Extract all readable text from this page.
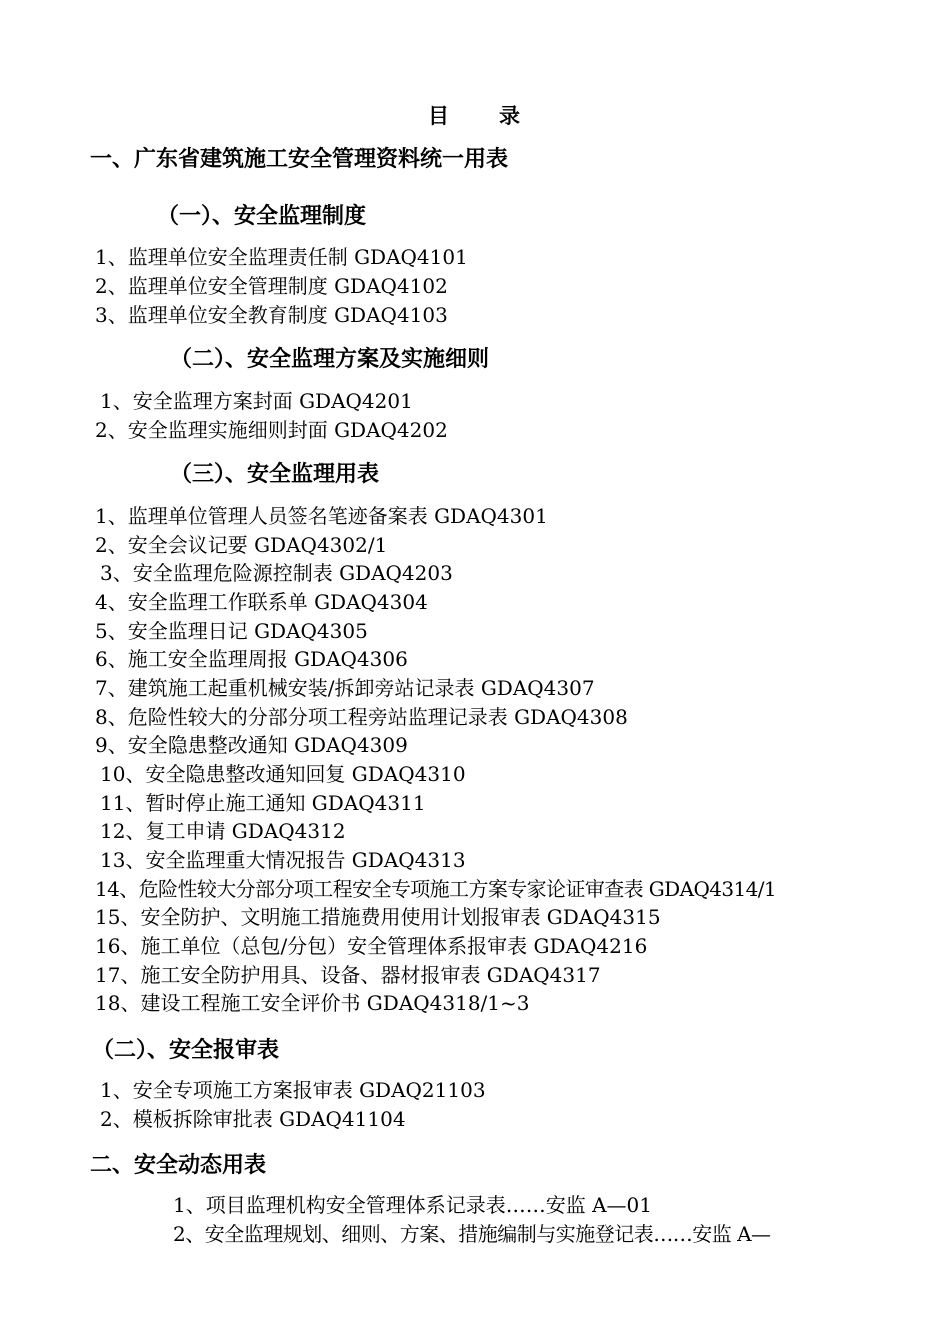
目 录
一、广东省建筑施工安全管理资料统一用表
（一）、安全监理制度
1、监理单位安全监理责任制 GDAQ4101
2、监理单位安全管理制度 GDAQ4102
3、监理单位安全教育制度 GDAQ4103
（二）、安全监理方案及实施细则
1、安全监理方案封面 GDAQ4201
2、安全监理实施细则封面 GDAQ4202
（三）、安全监理用表
1、监理单位管理人员签名笔迹备案表 GDAQ4301
2、安全会议记要 GDAQ4302/1
3、安全监理危险源控制表 GDAQ4203
4、安全监理工作联系单 GDAQ4304
5、安全监理日记 GDAQ4305
6、施工安全监理周报 GDAQ4306
7、建筑施工起重机械安装/拆卸旁站记录表 GDAQ4307
8、危险性较大的分部分项工程旁站监理记录表 GDAQ4308
9、安全隐患整改通知 GDAQ4309
10、安全隐患整改通知回复 GDAQ4310
11、暂时停止施工通知 GDAQ4311
12、复工申请 GDAQ4312
13、安全监理重大情况报告 GDAQ4313
14、危险性较大分部分项工程安全专项施工方案专家论证审查表 GDAQ4314/1
15、安全防护、文明施工措施费用使用计划报审表 GDAQ4315
16、施工单位（总包/分包）安全管理体系报审表 GDAQ4216
17、施工安全防护用具、设备、器材报审表 GDAQ4317
18、建设工程施工安全评价书 GDAQ4318/1~3
（二）、安全报审表
1、安全专项施工方案报审表 GDAQ21103
2、模板拆除审批表 GDAQ41104
二、安全动态用表
1、项目监理机构安全管理体系记录表……安监 A—01
2、安全监理规划、细则、方案、措施编制与实施登记表……安监 A—
